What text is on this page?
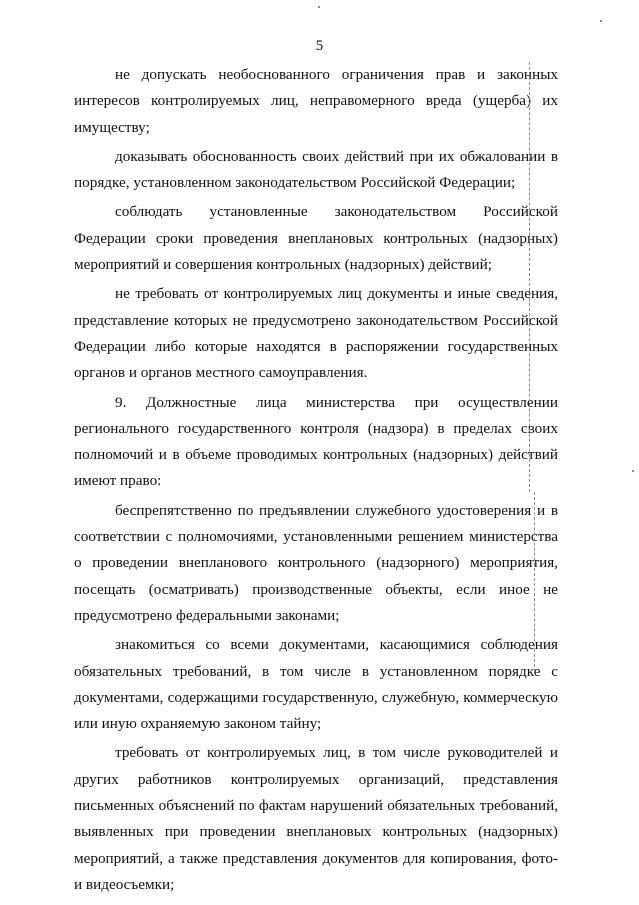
5

не допускать необоснованного ограничения прав и законных интересов контролируемых лиц, неправомерного вреда (ущерба) их имуществу;

доказывать обоснованность своих действий при их обжаловании в порядке, установленном законодательством Российской Федерации;

соблюдать установленные законодательством Российской Федерации сроки проведения внеплановых контрольных (надзорных) мероприятий и совершения контрольных (надзорных) действий;

не требовать от контролируемых лиц документы и иные сведения, представление которых не предусмотрено законодательством Российской Федерации либо которые находятся в распоряжении государственных органов и органов местного самоуправления.

9. Должностные лица министерства при осуществлении регионального государственного контроля (надзора) в пределах своих полномочий и в объеме проводимых контрольных (надзорных) действий имеют право:

беспрепятственно по предъявлении служебного удостоверения и в соответствии с полномочиями, установленными решением министерства о проведении внепланового контрольного (надзорного) мероприятия, посещать (осматривать) производственные объекты, если иное не предусмотрено федеральными законами;

знакомиться со всеми документами, касающимися соблюдения обязательных требований, в том числе в установленном порядке с документами, содержащими государственную, служебную, коммерческую или иную охраняемую законом тайну;

требовать от контролируемых лиц, в том числе руководителей и других работников контролируемых организаций, представления письменных объяснений по фактам нарушений обязательных требований, выявленных при проведении внеплановых контрольных (надзорных) мероприятий, а также представления документов для копирования, фото- и видеосъемки;
